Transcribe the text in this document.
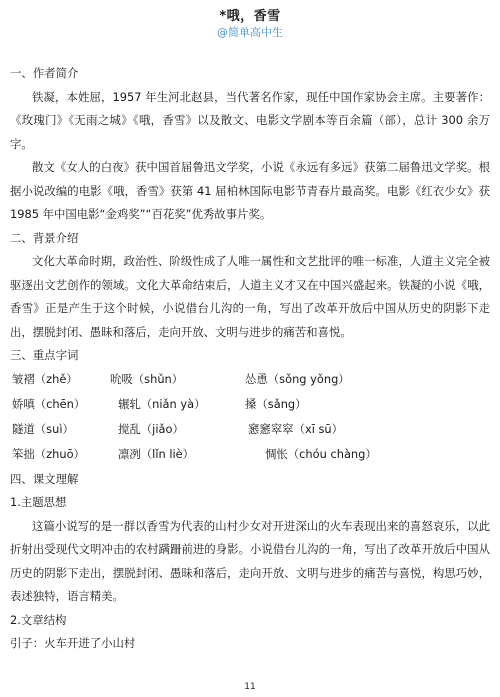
*哦，香雪
@简单高中生
一、作者简介
铁凝，本姓屈，1957 年生河北赵县，当代著名作家，现任中国作家协会主席。主要著作：《玫瑰门》《无雨之城》《哦，香雪》以及散文、电影文学剧本等百余篇（部），总计 300 余万字。
散文《女人的白夜》获中国首届鲁迅文学奖，小说《永远有多远》获第二届鲁迅文学奖。根据小说改编的电影《哦，香雪》获第 41 届柏林国际电影节青春片最高奖。电影《红衣少女》获 1985 年中国电影“金鸡奖”“百花奖”优秀故事片奖。
二、背景介绍
文化大革命时期，政治性、阶级性成了人唯一属性和文艺批评的唯一标准，人道主义完全被驱逐出文艺创作的领域。文化大革命结束后，人道主义才又在中国兴盛起来。铁凝的小说《哦，香雪》正是产生于这个时候，小说借台儿沟的一角，写出了改革开放后中国从历史的阴影下走出，摆脱封闭、愚昧和落后，走向开放、文明与进步的痛苦和喜悦。
三、重点字词
皱褶（zhě）	吮吸（shǔn）	怂恿（sǒng yǒng）
娇嗔（chēn）	辗轧（niǎn yà）	搡（sǎng）
隧道（suì）	搅乱（jiǎo）	窸窸窣窣（xī sū）
笨拙（zhuō）	凛冽（lǐn liè）	惆怅（chóu chàng）
四、课文理解
1.主题思想
这篇小说写的是一群以香雪为代表的山村少女对开进深山的火车表现出来的喜怒哀乐，以此折射出受现代文明冲击的农村蹒跚前进的身影。小说借台儿沟的一角，写出了改革开放后中国从历史的阴影下走出，摆脱封闭、愚昧和落后，走向开放、文明与进步的痛苦与喜悦，构思巧妙，表述独特，语言精美。
2.文章结构
引子：火车开进了小山村
11
